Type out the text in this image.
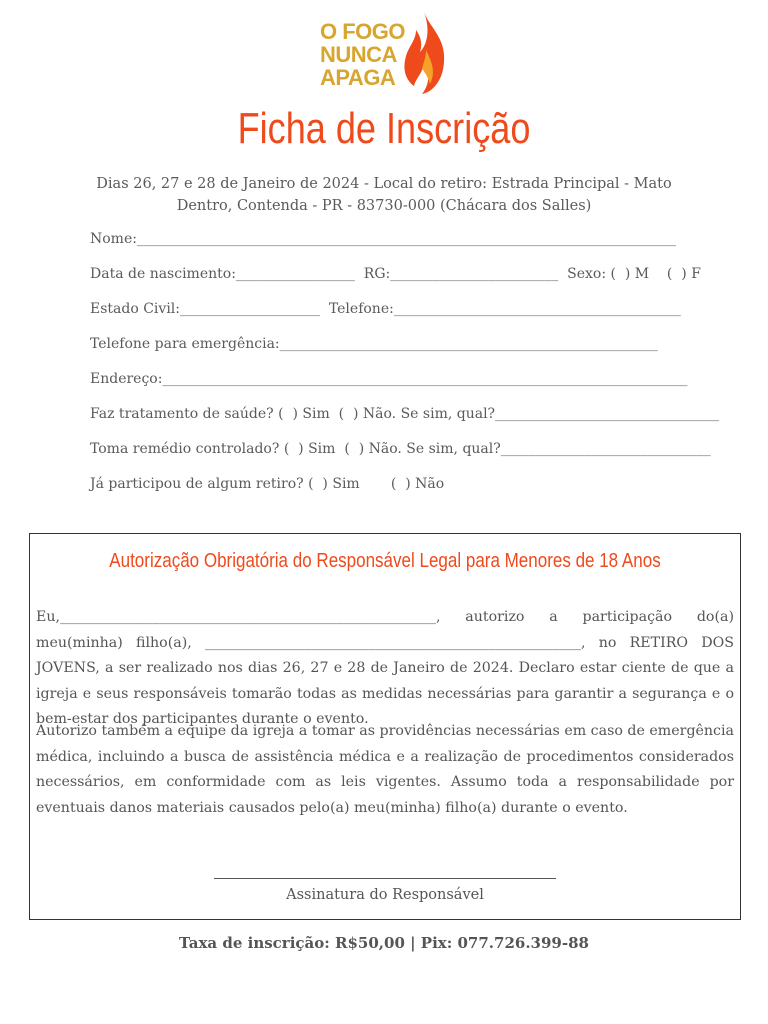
O FOGO
NUNCA
APAGA
Ficha de Inscrição
Dias 26, 27 e 28 de Janeiro de 2024 - Local do retiro: Estrada Principal - Mato Dentro, Contenda - PR - 83730-000 (Chácara dos Salles)
Nome:_____________________________________________________________________________
Data de nascimento:_________________  RG:________________________  Sexo: (  ) M    (  ) F
Estado Civil:____________________  Telefone:_________________________________________
Telefone para emergência:______________________________________________________
Endereço:___________________________________________________________________________
Faz tratamento de saúde? (  ) Sim  (  ) Não. Se sim, qual?________________________________
Toma remédio controlado? (  ) Sim  (  ) Não. Se sim, qual?______________________________
Já participou de algum retiro? (  ) Sim       (  ) Não
Autorização Obrigatória do Responsável Legal para Menores de 18 Anos
Eu,_____________________________________________________, autorizo a participação do(a) meu(minha) filho(a), _____________________________________________________, no RETIRO DOS JOVENS, a ser realizado nos dias 26, 27 e 28 de Janeiro de 2024. Declaro estar ciente de que a igreja e seus responsáveis tomarão todas as medidas necessárias para garantir a segurança e o bem-estar dos participantes durante o evento.
Autorizo também a equipe da igreja a tomar as providências necessárias em caso de emergência médica, incluindo a busca de assistência médica e a realização de procedimentos considerados necessários, em conformidade com as leis vigentes. Assumo toda a responsabilidade por eventuais danos materiais causados pelo(a) meu(minha) filho(a) durante o evento.
Assinatura do Responsável
Taxa de inscrição: R$50,00 | Pix: 077.726.399-88
